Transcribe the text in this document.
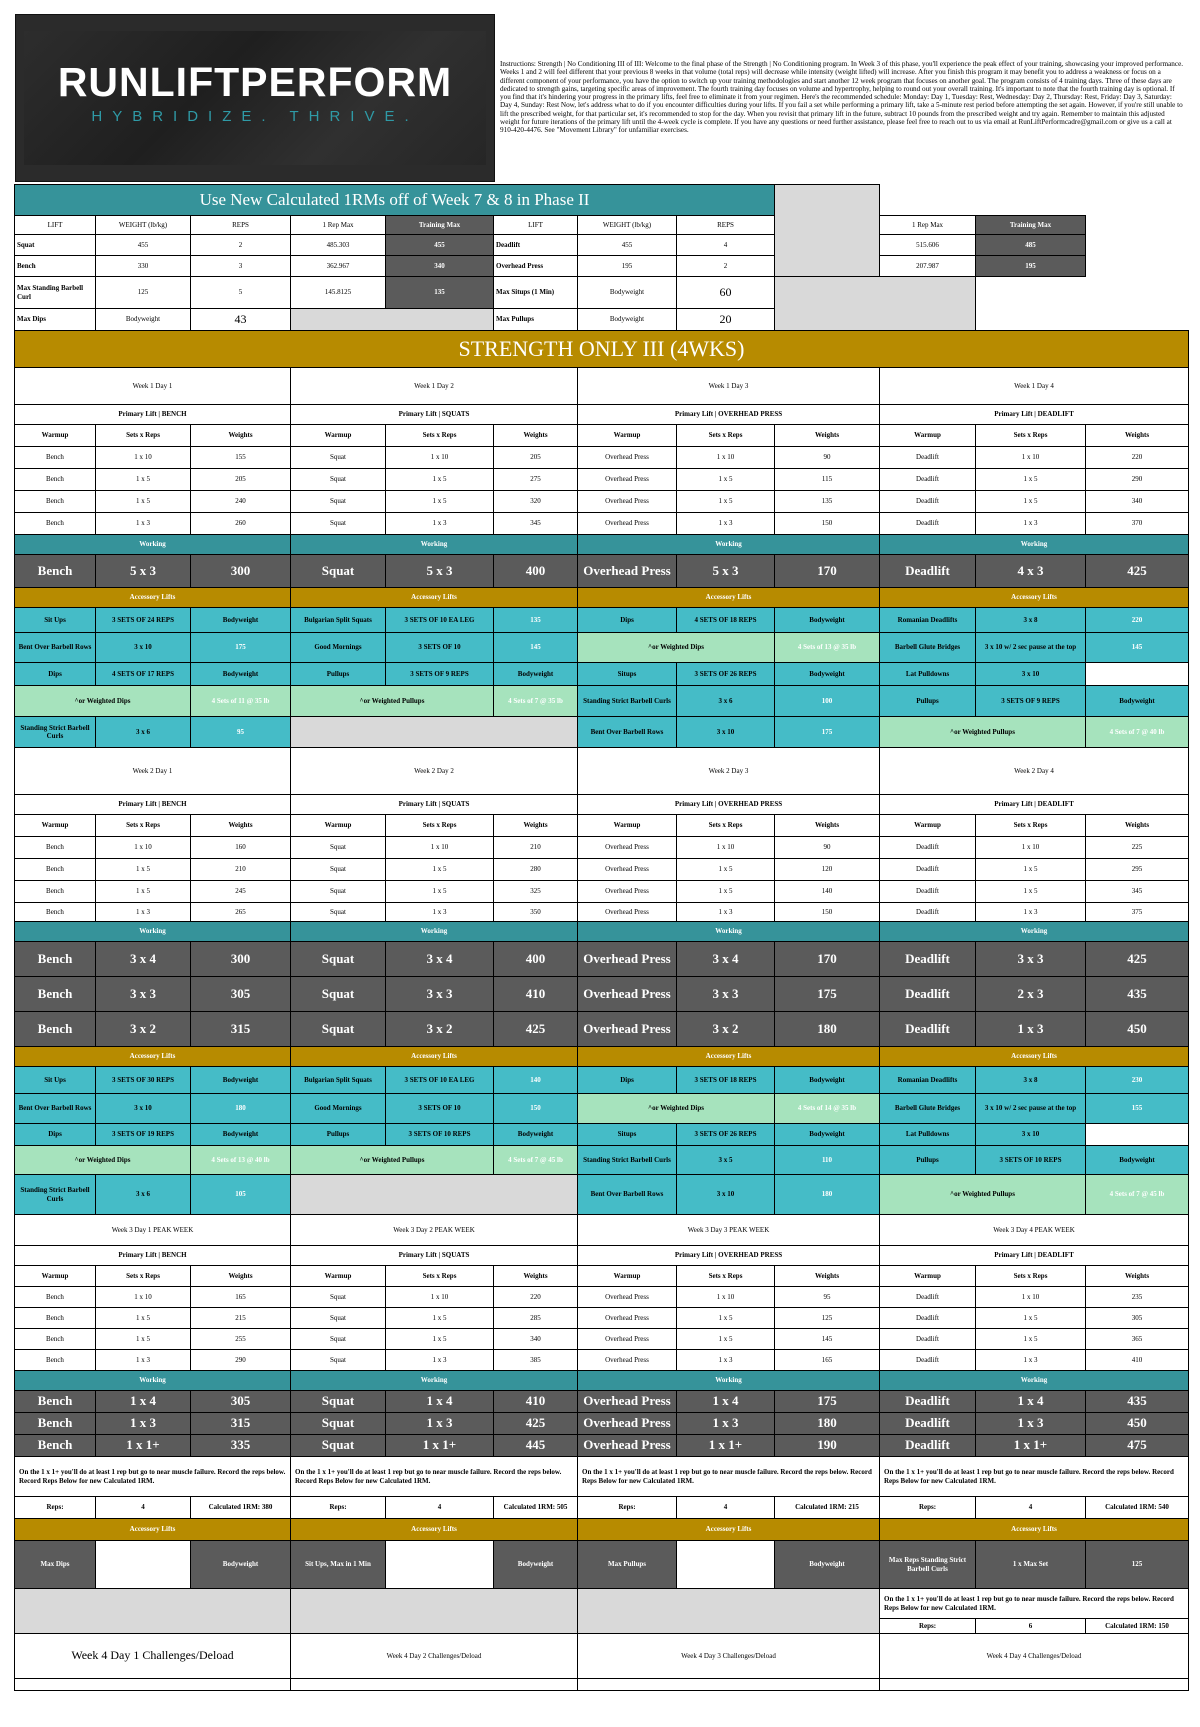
RUNLIFTPERFORM
HYBRIDIZE. THRIVE.
Instructions: Strength | No Conditioning III of III: Welcome to the final phase of the Strength | No Conditioning program. In Week 3 of this phase, you'll experience the peak effect of your training, showcasing your improved performance. Weeks 1 and 2 will feel different that your previous 8 weeks in that volume (total reps) will decrease while intensity (weight lifted) will increase. After you finish this program it may benefit you to address a weakness or focus on a different component of your performance, you have the option to switch up your training methodologies and start another 12 week program that focuses on another goal. The program consists of 4 training days. Three of these days are dedicated to strength gains, targeting specific areas of improvement. The fourth training day focuses on volume and hypertrophy, helping to round out your overall training. It's important to note that the fourth training day is optional. If you find that it's hindering your progress in the primary lifts, feel free to eliminate it from your regimen. Here's the recommended schedule: Monday: Day 1, Tuesday: Rest, Wednesday: Day 2, Thursday: Rest, Friday: Day 3, Saturday: Day 4, Sunday: Rest Now, let's address what to do if you encounter difficulties during your lifts. If you fail a set while performing a primary lift, take a 5-minute rest period before attempting the set again. However, if you're still unable to lift the prescribed weight, for that particular set, it's recommended to stop for the day. When you revisit that primary lift in the future, subtract 10 pounds from the prescribed weight and try again. Remember to maintain this adjusted weight for future iterations of the primary lift until the 4-week cycle is complete. If you have any questions or need further assistance, please feel free to reach out to us via email at RunLiftPerformcadre@gmail.com or give us a call at 910-420-4476. See "Movement Library" for unfamiliar exercises.
Use New Calculated 1RMs off of Week 7 & 8 in Phase II											
LIFT	WEIGHT (lb/kg)	REPS	1 Rep Max	Training Max	LIFT	WEIGHT (lb/kg)	REPS		1 Rep Max	Training Max	
Squat	455	2	485.303	455	Deadlift	455	4		515.606	485	
Bench	330	3	362.967	340	Overhead Press	195	2		207.987	195	
Max Standing Barbell Curl	125	5	145.8125	135	Max Situps (1 Min)	Bodyweight	60				
Max Dips	Bodyweight	43			Max Pullups	Bodyweight	20				
STRENGTH ONLY III (4WKS)											
Week 1 Day 1			Week 1 Day 2			Week 1 Day 3			Week 1 Day 4		
Primary Lift | BENCH			Primary Lift | SQUATS			Primary Lift | OVERHEAD PRESS			Primary Lift | DEADLIFT		
Warmup	Sets x Reps	Weights	Warmup	Sets x Reps	Weights	Warmup	Sets x Reps	Weights	Warmup	Sets x Reps	Weights
Bench	1 x 10	155	Squat	1 x 10	205	Overhead Press	1 x 10	90	Deadlift	1 x 10	220
Bench	1 x 5	205	Squat	1 x 5	275	Overhead Press	1 x 5	115	Deadlift	1 x 5	290
Bench	1 x 5	240	Squat	1 x 5	320	Overhead Press	1 x 5	135	Deadlift	1 x 5	340
Bench	1 x 3	260	Squat	1 x 3	345	Overhead Press	1 x 3	150	Deadlift	1 x 3	370
Working			Working			Working			Working		
Bench	5 x 3	300	Squat	5 x 3	400	Overhead Press	5 x 3	170	Deadlift	4 x 3	425
Accessory Lifts			Accessory Lifts			Accessory Lifts			Accessory Lifts		
Sit Ups	3 SETS OF 24 REPS	Bodyweight	Bulgarian Split Squats	3 SETS OF 10 EA LEG	135	Dips	4 SETS OF 18 REPS	Bodyweight	Romanian Deadlifts	3 x 8	220
Bent Over Barbell Rows	3 x 10	175	Good Mornings	3 SETS OF 10	145	^or Weighted Dips		4 Sets of 13 @ 35 lb	Barbell Glute Bridges	3 x 10 w/ 2 sec pause at the top	145
Dips	4 SETS OF 17 REPS	Bodyweight	Pullups	3 SETS OF 9 REPS	Bodyweight	Situps	3 SETS OF 26 REPS	Bodyweight	Lat Pulldowns	3 x 10	
^or Weighted Dips		4 Sets of 11 @ 35 lb	^or Weighted Pullups		4 Sets of 7 @ 35 lb	Standing Strict Barbell Curls	3 x 6	100	Pullups	3 SETS OF 9 REPS	Bodyweight
Standing Strict Barbell Curls	3 x 6	95				Bent Over Barbell Rows	3 x 10	175	^or Weighted Pullups		4 Sets of 7 @ 40 lb
Week 2 Day 1			Week 2 Day 2			Week 2 Day 3			Week 2 Day 4		
Primary Lift | BENCH			Primary Lift | SQUATS			Primary Lift | OVERHEAD PRESS			Primary Lift | DEADLIFT		
Warmup	Sets x Reps	Weights	Warmup	Sets x Reps	Weights	Warmup	Sets x Reps	Weights	Warmup	Sets x Reps	Weights
Bench	1 x 10	160	Squat	1 x 10	210	Overhead Press	1 x 10	90	Deadlift	1 x 10	225
Bench	1 x 5	210	Squat	1 x 5	280	Overhead Press	1 x 5	120	Deadlift	1 x 5	295
Bench	1 x 5	245	Squat	1 x 5	325	Overhead Press	1 x 5	140	Deadlift	1 x 5	345
Bench	1 x 3	265	Squat	1 x 3	350	Overhead Press	1 x 3	150	Deadlift	1 x 3	375
Working			Working			Working			Working		
Bench	3 x 4	300	Squat	3 x 4	400	Overhead Press	3 x 4	170	Deadlift	3 x 3	425
Bench	3 x 3	305	Squat	3 x 3	410	Overhead Press	3 x 3	175	Deadlift	2 x 3	435
Bench	3 x 2	315	Squat	3 x 2	425	Overhead Press	3 x 2	180	Deadlift	1 x 3	450
Accessory Lifts			Accessory Lifts			Accessory Lifts			Accessory Lifts		
Sit Ups	3 SETS OF 30 REPS	Bodyweight	Bulgarian Split Squats	3 SETS OF 10 EA LEG	140	Dips	3 SETS OF 18 REPS	Bodyweight	Romanian Deadlifts	3 x 8	230
Bent Over Barbell Rows	3 x 10	180	Good Mornings	3 SETS OF 10	150	^or Weighted Dips		4 Sets of 14 @ 35 lb	Barbell Glute Bridges	3 x 10 w/ 2 sec pause at the top	155
Dips	3 SETS OF 19 REPS	Bodyweight	Pullups	3 SETS OF 10 REPS	Bodyweight	Situps	3 SETS OF 26 REPS	Bodyweight	Lat Pulldowns	3 x 10	
^or Weighted Dips		4 Sets of 13 @ 40 lb	^or Weighted Pullups		4 Sets of 7 @ 45 lb	Standing Strict Barbell Curls	3 x 5	110	Pullups	3 SETS OF 10 REPS	Bodyweight
Standing Strict Barbell Curls	3 x 6	105				Bent Over Barbell Rows	3 x 10	180	^or Weighted Pullups		4 Sets of 7 @ 45 lb
Week 3 Day 1 PEAK WEEK			Week 3 Day 2 PEAK WEEK			Week 3 Day 3 PEAK WEEK			Week 3 Day 4 PEAK WEEK		
Primary Lift | BENCH			Primary Lift | SQUATS			Primary Lift | OVERHEAD PRESS			Primary Lift | DEADLIFT		
Warmup	Sets x Reps	Weights	Warmup	Sets x Reps	Weights	Warmup	Sets x Reps	Weights	Warmup	Sets x Reps	Weights
Bench	1 x 10	165	Squat	1 x 10	220	Overhead Press	1 x 10	95	Deadlift	1 x 10	235
Bench	1 x 5	215	Squat	1 x 5	285	Overhead Press	1 x 5	125	Deadlift	1 x 5	305
Bench	1 x 5	255	Squat	1 x 5	340	Overhead Press	1 x 5	145	Deadlift	1 x 5	365
Bench	1 x 3	290	Squat	1 x 3	385	Overhead Press	1 x 3	165	Deadlift	1 x 3	410
Working			Working			Working			Working		
Bench	1 x 4	305	Squat	1 x 4	410	Overhead Press	1 x 4	175	Deadlift	1 x 4	435
Bench	1 x 3	315	Squat	1 x 3	425	Overhead Press	1 x 3	180	Deadlift	1 x 3	450
Bench	1 x 1+	335	Squat	1 x 1+	445	Overhead Press	1 x 1+	190	Deadlift	1 x 1+	475
On the 1 x 1+ you'll do at least 1 rep but go to near muscle failure. Record the reps below. Record Reps Below for new Calculated 1RM.			On the 1 x 1+ you'll do at least 1 rep but go to near muscle failure. Record the reps below. Record Reps Below for new Calculated 1RM.			On the 1 x 1+ you'll do at least 1 rep but go to near muscle failure. Record the reps below. Record Reps Below for new Calculated 1RM.			On the 1 x 1+ you'll do at least 1 rep but go to near muscle failure. Record the reps below. Record Reps Below for new Calculated 1RM.		
Reps:	4	Calculated 1RM: 380	Reps:	4	Calculated 1RM: 505	Reps:	4	Calculated 1RM: 215	Reps:	4	Calculated 1RM: 540
Accessory Lifts			Accessory Lifts			Accessory Lifts			Accessory Lifts		
Max Dips		Bodyweight	Sit Ups, Max in 1 Min		Bodyweight	Max Pullups		Bodyweight	Max Reps Standing Strict Barbell Curls	1 x Max Set	125
									On the 1 x 1+ you'll do at least 1 rep but go to near muscle failure. Record the reps below. Record Reps Below for new Calculated 1RM.		
									Reps:	6	Calculated 1RM: 150
Week 4 Day 1 Challenges/Deload			Week 4 Day 2 Challenges/Deload			Week 4 Day 3 Challenges/Deload			Week 4 Day 4 Challenges/Deload		
